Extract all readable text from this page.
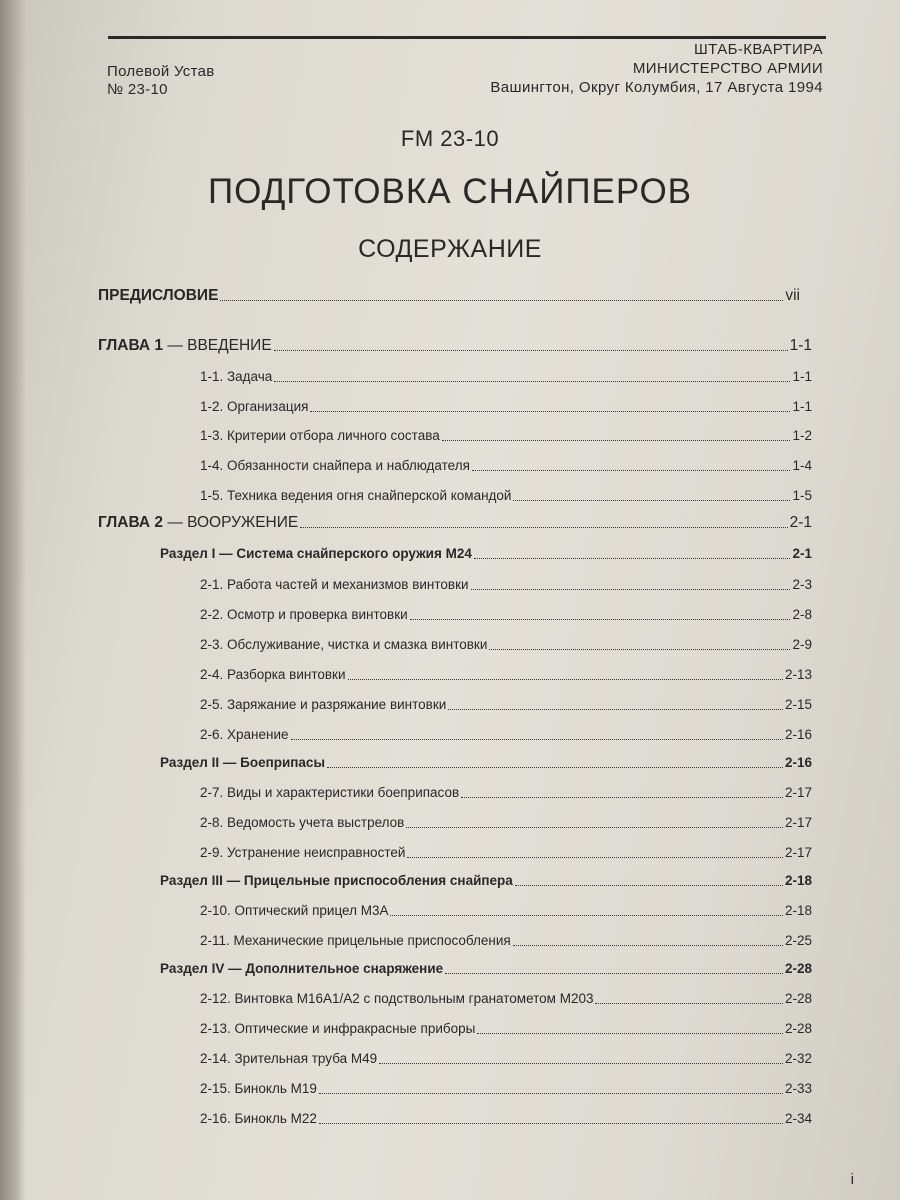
Полевой Устав
№ 23-10
ШТАБ-КВАРТИРА
МИНИСТЕРСТВО АРМИИ
Вашингтон, Округ Колумбия, 17 Августа 1994
FM 23-10
ПОДГОТОВКА СНАЙПЕРОВ
СОДЕРЖАНИЕ
ПРЕДИСЛОВИЕ	vii
ГЛАВА 1 — ВВЕДЕНИЕ	1-1
1-1. Задача	1-1
1-2. Организация	1-1
1-3. Критерии отбора личного состава	1-2
1-4. Обязанности снайпера и наблюдателя	1-4
1-5. Техника ведения огня снайперской командой	1-5
ГЛАВА 2 — ВООРУЖЕНИЕ	2-1
Раздел I — Система снайперского оружия M24	2-1
2-1. Работа частей и механизмов винтовки	2-3
2-2. Осмотр и проверка винтовки	2-8
2-3. Обслуживание, чистка и смазка винтовки	2-9
2-4. Разборка винтовки	2-13
2-5. Заряжание и разряжание винтовки	2-15
2-6. Хранение	2-16
Раздел II — Боеприпасы	2-16
2-7. Виды и характеристики боеприпасов	2-17
2-8. Ведомость учета выстрелов	2-17
2-9. Устранение неисправностей	2-17
Раздел III — Прицельные приспособления снайпера	2-18
2-10. Оптический прицел M3A	2-18
2-11. Механические прицельные приспособления	2-25
Раздел IV — Дополнительное снаряжение	2-28
2-12. Винтовка M16A1/A2 с подствольным гранатометом M203	2-28
2-13. Оптические и инфракрасные приборы	2-28
2-14. Зрительная труба M49	2-32
2-15. Бинокль M19	2-33
2-16. Бинокль M22	2-34
i
